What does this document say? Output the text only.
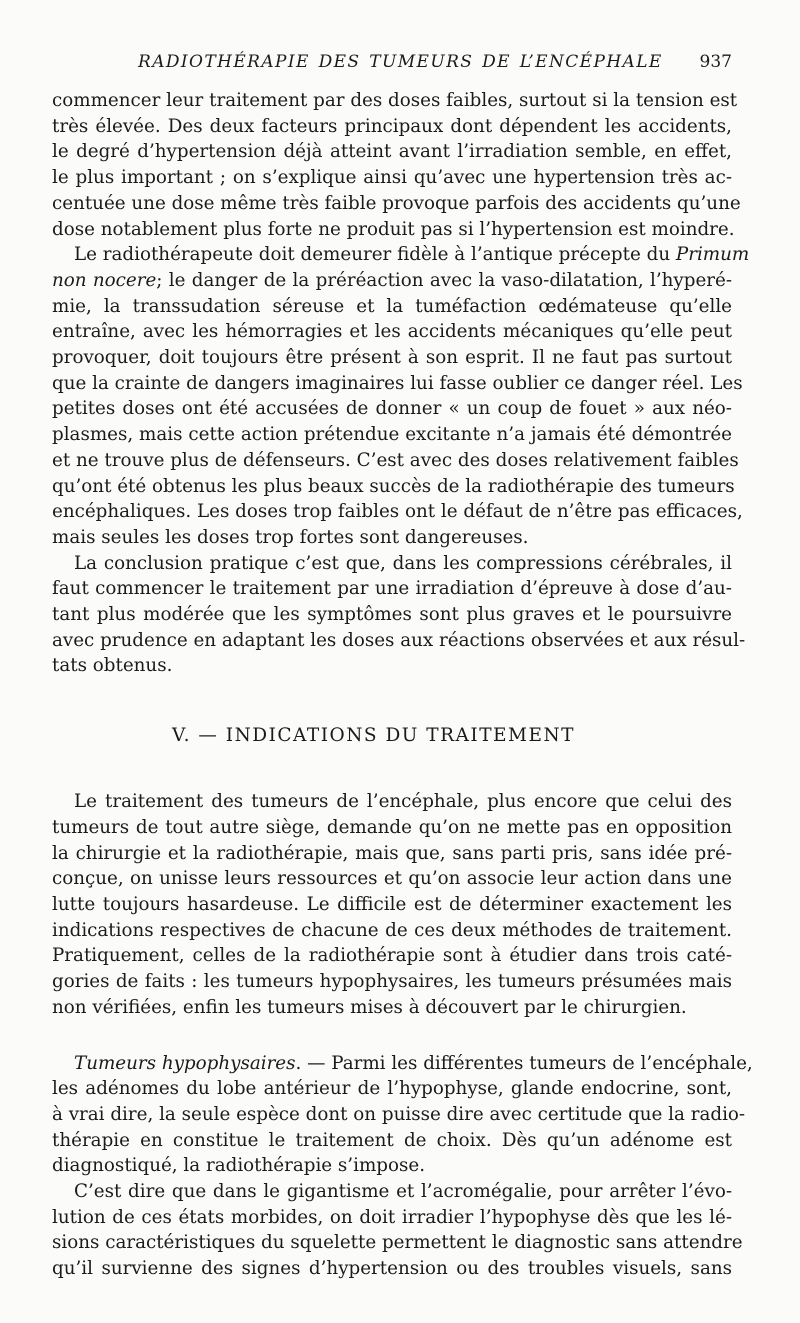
RADIOTHÉRAPIE DES TUMEURS DE L’ENCÉPHALE 937
commencer leur traitement par des doses faibles, surtout si la tension est
très élevée. Des deux facteurs principaux dont dépendent les accidents,
le degré d’hypertension déjà atteint avant l’irradiation semble, en effet,
le plus important ; on s’explique ainsi qu’avec une hypertension très ac-
centuée une dose même très faible provoque parfois des accidents qu’une
dose notablement plus forte ne produit pas si l’hypertension est moindre.
Le radiothérapeute doit demeurer fidèle à l’antique précepte du Primum
non nocere; le danger de la préréaction avec la vaso-dilatation, l’hyperé-
mie, la transsudation séreuse et la tuméfaction œdémateuse qu’elle
entraîne, avec les hémorragies et les accidents mécaniques qu’elle peut
provoquer, doit toujours être présent à son esprit. Il ne faut pas surtout
que la crainte de dangers imaginaires lui fasse oublier ce danger réel. Les
petites doses ont été accusées de donner « un coup de fouet » aux néo-
plasmes, mais cette action prétendue excitante n’a jamais été démontrée
et ne trouve plus de défenseurs. C’est avec des doses relativement faibles
qu’ont été obtenus les plus beaux succès de la radiothérapie des tumeurs
encéphaliques. Les doses trop faibles ont le défaut de n’être pas efficaces,
mais seules les doses trop fortes sont dangereuses.
La conclusion pratique c’est que, dans les compressions cérébrales, il
faut commencer le traitement par une irradiation d’épreuve à dose d’au-
tant plus modérée que les symptômes sont plus graves et le poursuivre
avec prudence en adaptant les doses aux réactions observées et aux résul-
tats obtenus.
V. — INDICATIONS DU TRAITEMENT
Le traitement des tumeurs de l’encéphale, plus encore que celui des
tumeurs de tout autre siège, demande qu’on ne mette pas en opposition
la chirurgie et la radiothérapie, mais que, sans parti pris, sans idée pré-
conçue, on unisse leurs ressources et qu’on associe leur action dans une
lutte toujours hasardeuse. Le difficile est de déterminer exactement les
indications respectives de chacune de ces deux méthodes de traitement.
Pratiquement, celles de la radiothérapie sont à étudier dans trois caté-
gories de faits : les tumeurs hypophysaires, les tumeurs présumées mais
non vérifiées, enfin les tumeurs mises à découvert par le chirurgien.
Tumeurs hypophysaires. — Parmi les différentes tumeurs de l’encéphale,
les adénomes du lobe antérieur de l’hypophyse, glande endocrine, sont,
à vrai dire, la seule espèce dont on puisse dire avec certitude que la radio-
thérapie en constitue le traitement de choix. Dès qu’un adénome est
diagnostiqué, la radiothérapie s’impose.
C’est dire que dans le gigantisme et l’acromégalie, pour arrêter l’évo-
lution de ces états morbides, on doit irradier l’hypophyse dès que les lé-
sions caractéristiques du squelette permettent le diagnostic sans attendre
qu’il survienne des signes d’hypertension ou des troubles visuels, sans
